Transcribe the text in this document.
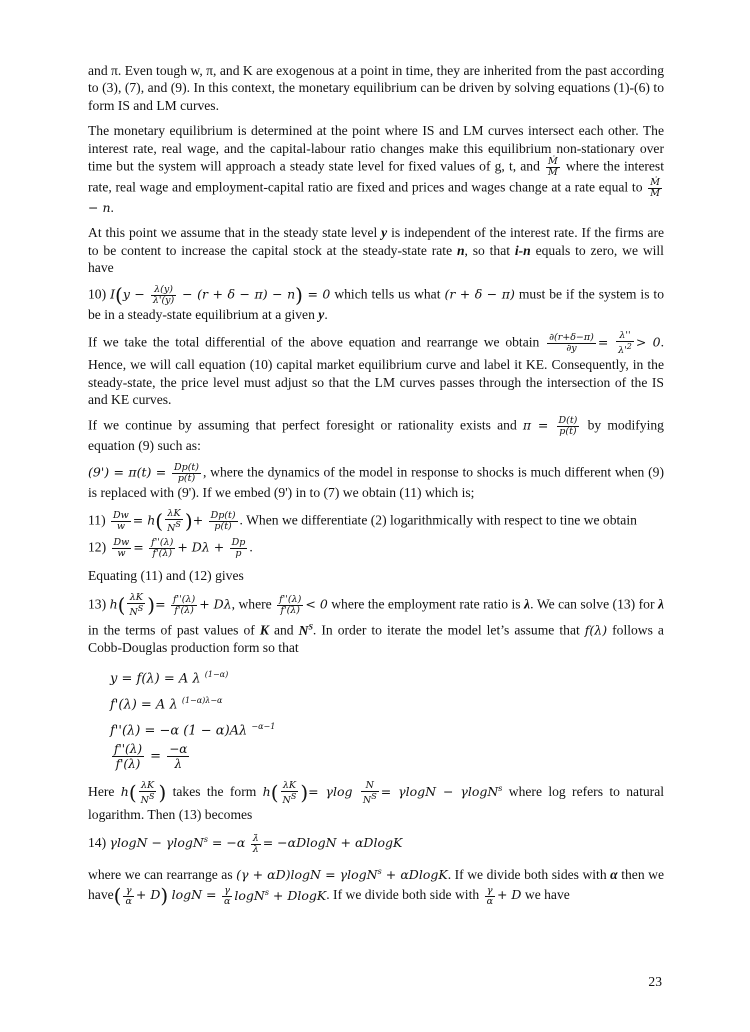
and π. Even tough w, π, and K are exogenous at a point in time, they are inherited from the past according to (3), (7), and (9). In this context, the monetary equilibrium can be driven by solving equations (1)-(6) to form IS and LM curves.

The monetary equilibrium is determined at the point where IS and LM curves intersect each other. The interest rate, real wage, and the capital-labour ratio changes make this equilibrium non-stationary over time but the system will approach a steady state level for fixed values of g, t, and $\frac{\text{Ṁ}}{M}$ where the interest rate, real wage and employment-capital ratio are fixed and prices and wages change at a rate equal to $\frac{\text{Ṁ}}{M}$
− n.

At this point we assume that in the steady state level y is independent of the interest rate. If the firms are to be content to increase the capital stock at the steady-state rate n, so that i-n equals to zero, we will have

10) $I(y - \frac{\lambda(y)}{\lambda'(y)} - (r + \delta - \pi) - n) = 0$ which tells us what (r + δ − π) must be if the system is to be in a steady-state equilibrium at a given y.

If we take the total differential of the above equation and rearrange we obtain $\frac{\partial(r+\delta-\pi)}{\partial y} = \frac{\lambda''}{\lambda'^2} > 0$. Hence, we will call equation (10) capital market equilibrium curve and label it KE. Consequently, in the steady-state, the price level must adjust so that the LM curves passes through the intersection of the IS and KE curves.

If we continue by assuming that perfect foresight or rationality exists and $\pi = \frac{D(t)}{p(t)}$ by modifying equation (9) such as:

$(9') = \pi(t) = \frac{Dp(t)}{p(t)}$ , where the dynamics of the model in response to shocks is much different when (9) is replaced with (9'). If we embed (9') in to (7) we obtain (11) which is;

$11) \frac{Dw}{w} = h( \frac{\lambda K}{N^S}$ )+ $\frac{Dp(t)}{p(t)}$ . When we differentiate (2) logarithmically with respect to tine we obtain

$12) \frac{Dw}{w} = \frac{f''(\lambda)}{f'(\lambda)} + D\lambda + \frac{Dp}{p}$ .

Equating (11) and (12) gives

13) $h( \frac{\lambda K}{N^S}$ )= $\frac{f''(\lambda)}{f'(\lambda)} + D\lambda$, where $\frac{f''(\lambda)}{f'(\lambda)} < 0$ where the employment rate ratio is λ. We can solve (13) for λ in the terms of past values of K and $N^S$. In order to iterate the model let’s assume that f(λ) follows a Cobb-Douglas production form so that

y = f(λ) = A λ $^{(1-\alpha)}$
f'(λ) = A λ $^{(1-\alpha)\lambda-\alpha}$
f''(λ) = −α (1 − α)Aλ $^{-\alpha-1}$
$\frac{f''(\lambda)}{f'(\lambda)} = \frac{-\alpha}{\lambda}$

Here $h( \frac{\lambda K}{N^S}$ ) takes the form $h( \frac{\lambda K}{N^S}$ )= γlog $\frac{N}{N^S} = \gamma\log N - \gamma\log N^s$ where log refers to natural logarithm. Then (13) becomes

14) $\gamma\log N - \gamma\log N^s = -\alpha \frac{\lambdȧ}{\lambda} = -\alpha DlogN + \alpha DlogK$

where we can rearrange as (γ + αD)logN = γlogN$^s$ + αDlogK. If we divide both sides with α then we have( $\frac{\gamma}{\alpha} + D$) $\log N = \frac{\gamma}{\alpha} \log N^s + DlogK$. If we divide both side with $\frac{\gamma}{\alpha} + D$ we have

23
